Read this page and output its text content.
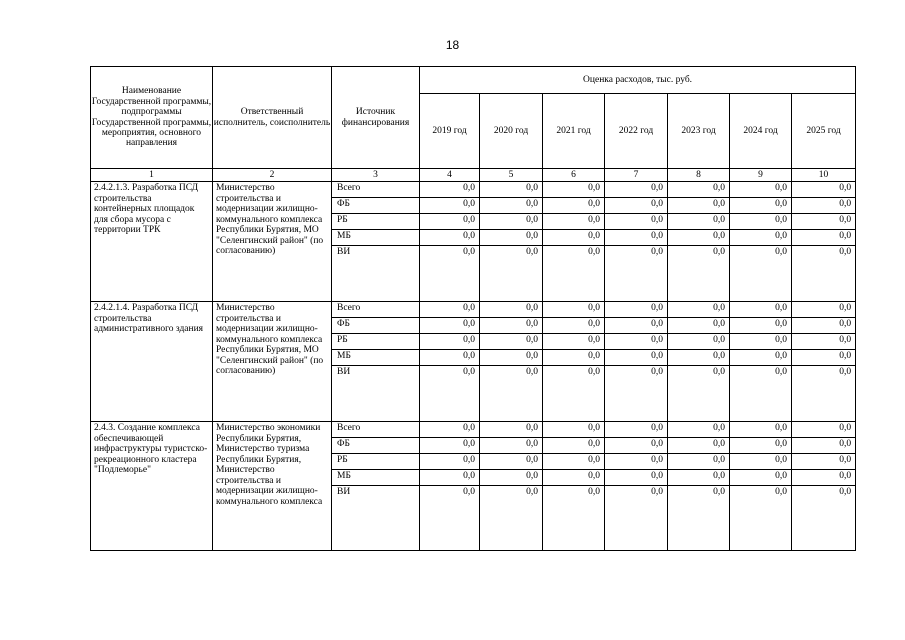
18
Наименование Государственной программы, подпрограммы Государственной программы, мероприятия, основного направления	Ответственный исполнитель, соисполнитель	Источник финансирования	Оценка расходов, тыс. руб.						
			2019 год	2020 год	2021 год	2022 год	2023 год	2024 год	2025 год
1	2	3	4	5	6	7	8	9	10
2.4.2.1.3. Разработка ПСД строительства контейнерных площадок для сбора мусора с территории ТРК	Министерство строительства и модернизации жилищно-коммунального комплекса Республики Бурятия, МО "Селенгинский район" (по согласованию)	Всего	0,0	0,0	0,0	0,0	0,0	0,0	0,0
		ФБ	0,0	0,0	0,0	0,0	0,0	0,0	0,0
		РБ	0,0	0,0	0,0	0,0	0,0	0,0	0,0
		МБ	0,0	0,0	0,0	0,0	0,0	0,0	0,0
		ВИ	0,0	0,0	0,0	0,0	0,0	0,0	0,0
2.4.2.1.4. Разработка ПСД строительства административного здания	Министерство строительства и модернизации жилищно-коммунального комплекса Республики Бурятия, МО "Селенгинский район" (по согласованию)	Всего	0,0	0,0	0,0	0,0	0,0	0,0	0,0
		ФБ	0,0	0,0	0,0	0,0	0,0	0,0	0,0
		РБ	0,0	0,0	0,0	0,0	0,0	0,0	0,0
		МБ	0,0	0,0	0,0	0,0	0,0	0,0	0,0
		ВИ	0,0	0,0	0,0	0,0	0,0	0,0	0,0
2.4.3. Создание комплекса обеспечивающей инфраструктуры туристско-рекреационного кластера "Подлеморье"	Министерство экономики Республики Бурятия, Министерство туризма Республики Бурятия, Министерство строительства и модернизации жилищно-коммунального комплекса	Всего	0,0	0,0	0,0	0,0	0,0	0,0	0,0
		ФБ	0,0	0,0	0,0	0,0	0,0	0,0	0,0
		РБ	0,0	0,0	0,0	0,0	0,0	0,0	0,0
		МБ	0,0	0,0	0,0	0,0	0,0	0,0	0,0
		ВИ	0,0	0,0	0,0	0,0	0,0	0,0	0,0
